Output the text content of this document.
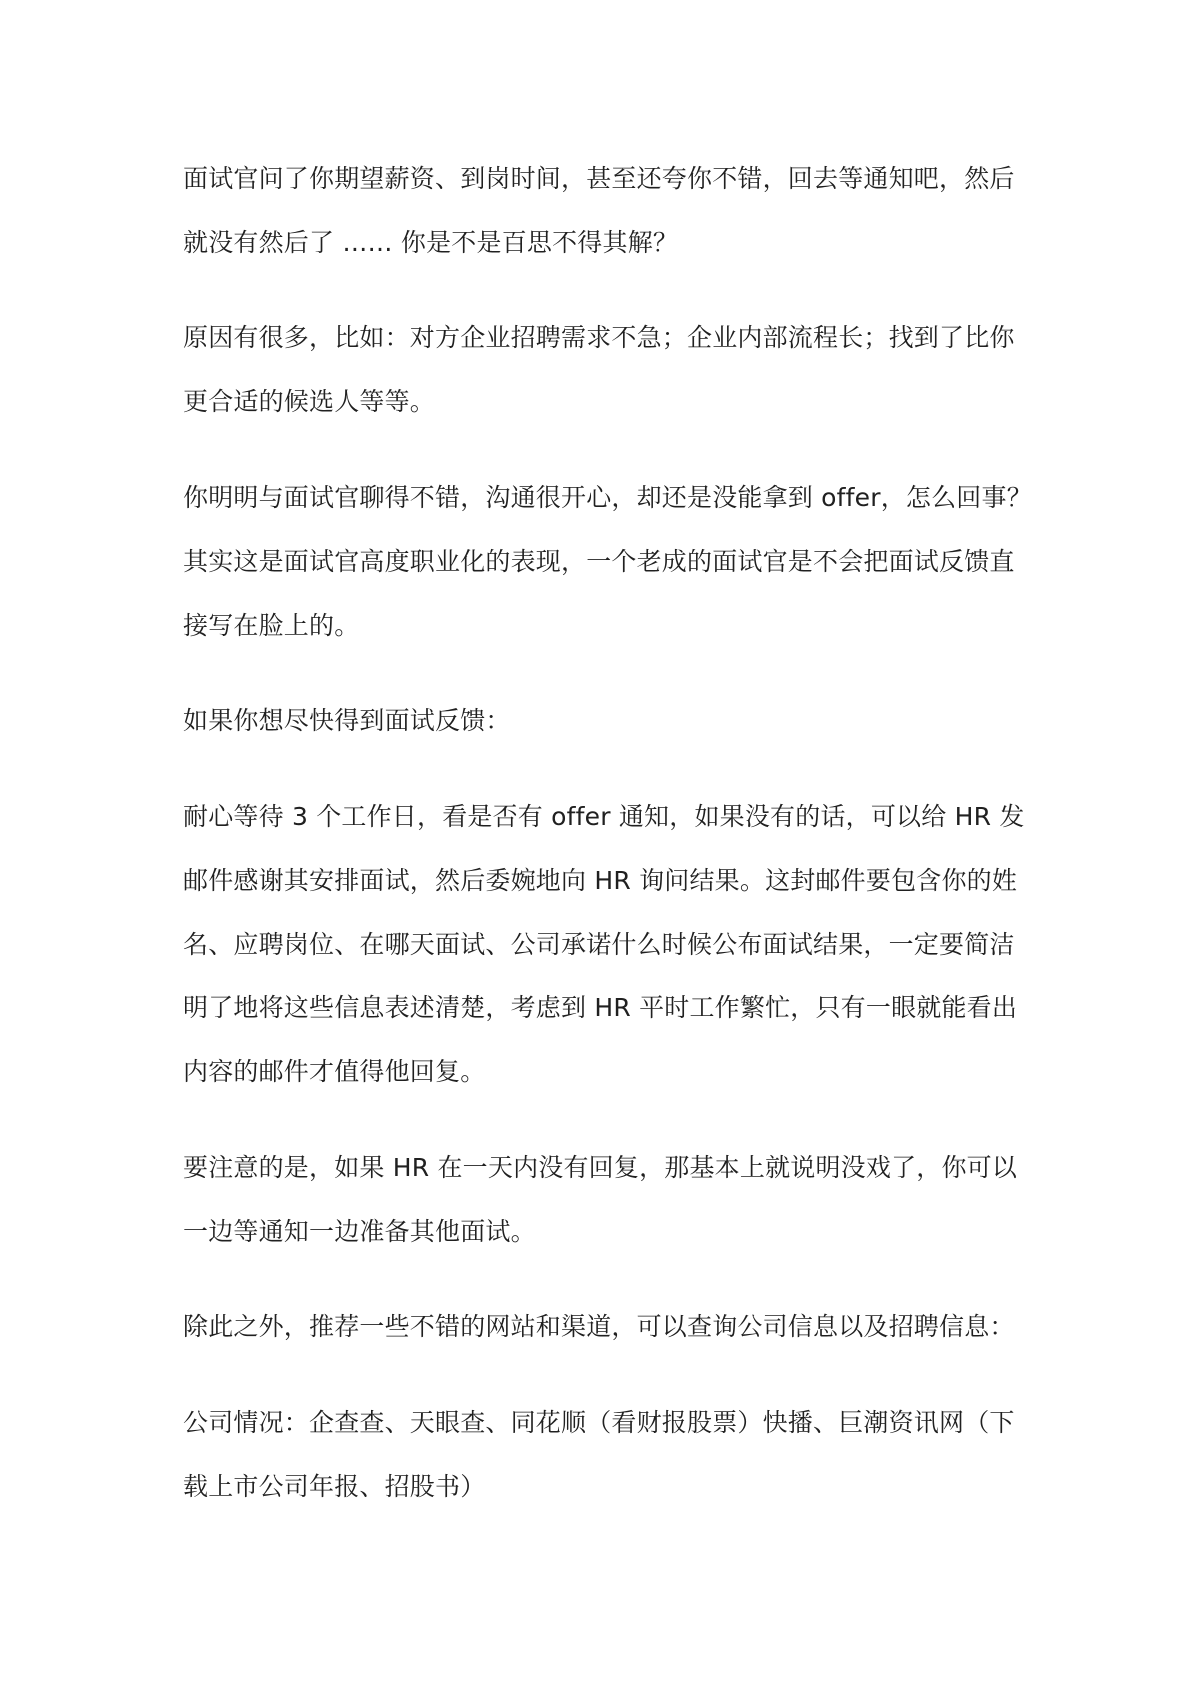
面试官问了你期望薪资、到岗时间，甚至还夸你不错，回去等通知吧，然后
就没有然后了 …… 你是不是百思不得其解？
原因有很多，比如：对方企业招聘需求不急；企业内部流程长；找到了比你
更合适的候选人等等。
你明明与面试官聊得不错，沟通很开心，却还是没能拿到 offer，怎么回事？
其实这是面试官高度职业化的表现，一个老成的面试官是不会把面试反馈直
接写在脸上的。
如果你想尽快得到面试反馈：
耐心等待 3 个工作日，看是否有 offer 通知，如果没有的话，可以给 HR 发
邮件感谢其安排面试，然后委婉地向 HR 询问结果。这封邮件要包含你的姓
名、应聘岗位、在哪天面试、公司承诺什么时候公布面试结果，一定要简洁
明了地将这些信息表述清楚，考虑到 HR 平时工作繁忙，只有一眼就能看出
内容的邮件才值得他回复。
要注意的是，如果 HR 在一天内没有回复，那基本上就说明没戏了，你可以
一边等通知一边准备其他面试。
除此之外，推荐一些不错的网站和渠道，可以查询公司信息以及招聘信息：
公司情况：企查查、天眼查、同花顺（看财报股票）快播、巨潮资讯网（下
载上市公司年报、招股书）
